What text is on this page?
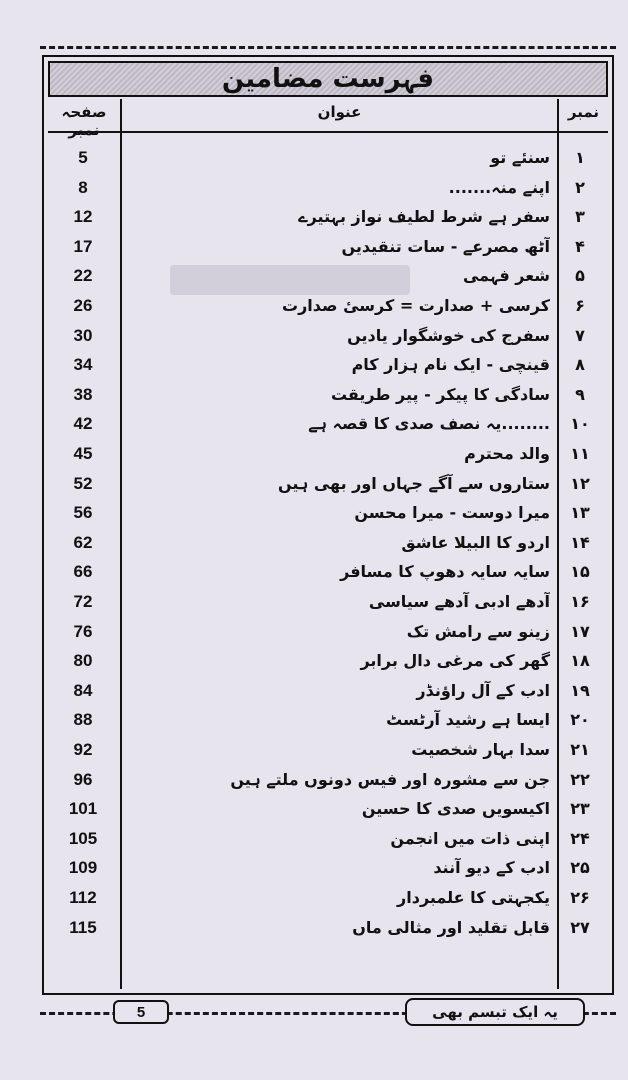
فہرست مضامین
نمبر
عنوان
صفحہ نمبر
۱
سنئے تو
5
۲
اپنے منہ.......
8
۳
سفر ہے شرط لطیف نواز بہتیرے
12
۴
آٹھ مصرعے - سات تنقیدیں
17
۵
شعر فہمی
22
۶
کرسی + صدارت = کرسیٔ صدارت
26
۷
سفرج کی خوشگوار یادیں
30
۸
قینچی - ایک نام ہزار کام
34
۹
سادگی کا پیکر - پیر طریقت
38
۱۰
........یہ نصف صدی کا قصہ ہے
42
۱۱
والد محترم
45
۱۲
ستاروں سے آگے جہاں اور بھی ہیں
52
۱۳
میرا دوست - میرا محسن
56
۱۴
اردو کا البیلا عاشق
62
۱۵
سایہ سایہ دھوپ کا مسافر
66
۱۶
آدھے ادبی آدھے سیاسی
72
۱۷
زینو سے رامش تک
76
۱۸
گھر کی مرغی دال برابر
80
۱۹
ادب کے آل راؤنڈر
84
۲۰
ایسا ہے رشید آرٹسٹ
88
۲۱
سدا بہار شخصیت
92
۲۲
جن سے مشورہ اور فیس دونوں ملتے ہیں
96
۲۳
اکیسویں صدی کا حسین
101
۲۴
اپنی ذات میں انجمن
105
۲۵
ادب کے دیو آنند
109
۲۶
یکجہتی کا علمبردار
112
۲۷
قابل تقلید اور مثالی ماں
115
5	یہ ایک تبسم بھی
